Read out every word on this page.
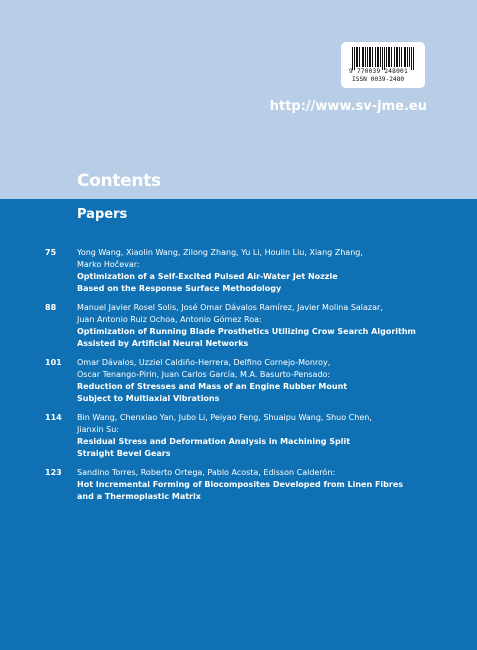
9 770039 248001
ISSN 0039-2480
http://www.sv-jme.eu
Contents
Papers
75	Yong Wang, Xiaolin Wang, Zilong Zhang, Yu Li, Houlin Liu, Xiang Zhang,
Marko Hočevar:
Optimization of a Self-Excited Pulsed Air-Water Jet Nozzle
Based on the Response Surface Methodology
88	Manuel Javier Rosel Solis, José Omar Dávalos Ramírez, Javier Molina Salazar,
Juan Antonio Ruiz Ochoa, Antonio Gómez Roa:
Optimization of Running Blade Prosthetics Utilizing Crow Search Algorithm
Assisted by Artificial Neural Networks
101 Omar Dávalos, Uzziel Caldiño-Herrera, Delfino Cornejo-Monroy,
Oscar Tenango-Pirin, Juan Carlos García, M.A. Basurto-Pensado:
Reduction of Stresses and Mass of an Engine Rubber Mount
Subject to Multiaxial Vibrations
114 Bin Wang, Chenxiao Yan, Jubo Li, Peiyao Feng, Shuaipu Wang, Shuo Chen,
Jianxin Su:
Residual Stress and Deformation Analysis in Machining Split
Straight Bevel Gears
123 Sandino Torres, Roberto Ortega, Pablo Acosta, Edisson Calderón:
Hot Incremental Forming of Biocomposites Developed from Linen Fibres
and a Thermoplastic Matrix
